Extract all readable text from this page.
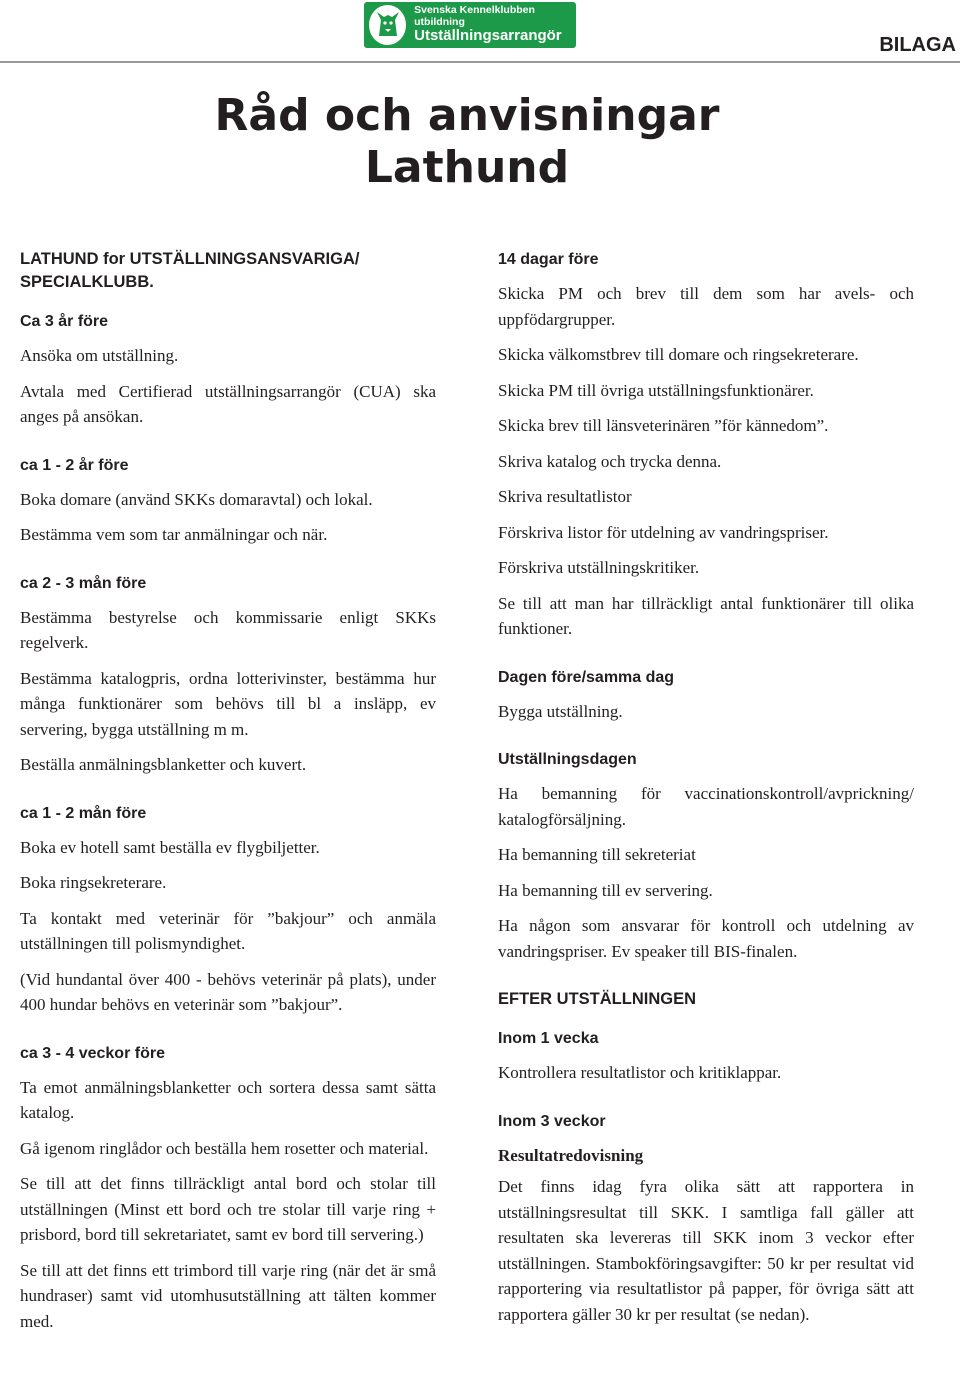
Svenska Kennelklubben utbildning
Utställningsarrangör	BILAGA
Råd och anvisningar
Lathund
LATHUND for UTSTÄLLNINGSANSVARIGA/ SPECIALKLUBB.
Ca 3 år före
Ansöka om utställning.
Avtala med Certifierad utställningsarrangör (CUA) ska anges på ansökan.
ca 1 - 2 år före
Boka domare (använd SKKs domaravtal) och lokal.
Bestämma vem som tar anmälningar och när.
ca 2 - 3 mån före
Bestämma bestyrelse och kommissarie enligt SKKs regelverk.
Bestämma katalogpris, ordna lotterivinster, bestämma hur många funktionärer som behövs till bl a insläpp, ev servering, bygga utställning m m.
Beställa anmälningsblanketter och kuvert.
ca 1 - 2 mån före
Boka ev hotell samt beställa ev flygbiljetter.
Boka ringsekreterare.
Ta kontakt med veterinär för ”bakjour” och anmäla utställningen till polismyndighet.
(Vid hundantal över 400 - behövs veterinär på plats), under 400 hundar behövs en veterinär som ”bakjour”.
ca 3 - 4 veckor före
Ta emot anmälningsblanketter och sortera dessa samt sätta katalog.
Gå igenom ringlådor och beställa hem rosetter och material.
Se till att det finns tillräckligt antal bord och stolar till utställningen (Minst ett bord och tre stolar till varje ring + prisbord, bord till sekretariatet, samt ev bord till servering.)
Se till att det finns ett trimbord till varje ring (när det är små hundraser) samt vid utomhusutställning att tälten kommer med.
14 dagar före
Skicka PM och brev till dem som har avels- och uppfödargrupper.
Skicka välkomstbrev till domare och ringsekreterare.
Skicka PM till övriga utställningsfunktionärer.
Skicka brev till länsveterinären ”för kännedom”.
Skriva katalog och trycka denna.
Skriva resultatlistor
Förskriva listor för utdelning av vandringspriser.
Förskriva utställningskritiker.
Se till att man har tillräckligt antal funktionärer till olika funktioner.
Dagen före/samma dag
Bygga utställning.
Utställningsdagen
Ha bemanning för vaccinationskontroll/avprickning/ katalogförsäljning.
Ha bemanning till sekreteriat
Ha bemanning till ev servering.
Ha någon som ansvarar för kontroll och utdelning av vandringspriser. Ev speaker till BIS-finalen.
EFTER UTSTÄLLNINGEN
Inom 1 vecka
Kontrollera resultatlistor och kritiklappar.
Inom 3 veckor
Resultatredovisning
Det finns idag fyra olika sätt att rapportera in utställningsresultat till SKK. I samtliga fall gäller att resultaten ska levereras till SKK inom 3 veckor efter utställningen. Stambokföringsavgifter: 50 kr per resultat vid rapportering via resultatlistor på papper, för övriga sätt att rapportera gäller 30 kr per resultat (se nedan).
